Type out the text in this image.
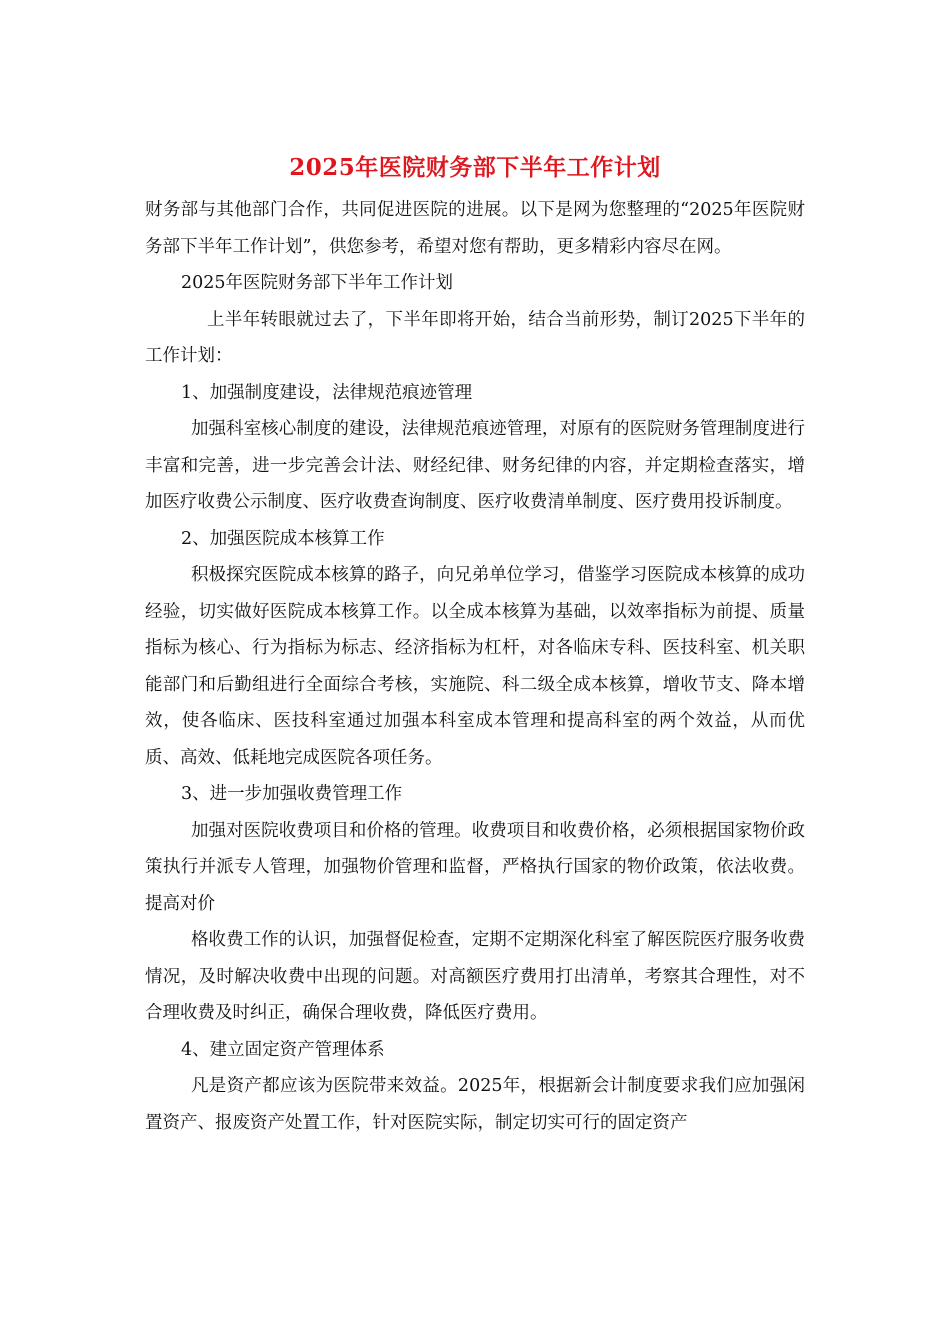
2025年医院财务部下半年工作计划

财务部与其他部门合作，共同促进医院的进展。以下是网为您整理的“2025年医院财务部下半年工作计划”，供您参考，希望对您有帮助，更多精彩内容尽在网。

2025年医院财务部下半年工作计划

上半年转眼就过去了，下半年即将开始，结合当前形势，制订2025下半年的工作计划：

1、加强制度建设，法律规范痕迹管理

加强科室核心制度的建设，法律规范痕迹管理，对原有的医院财务管理制度进行丰富和完善，进一步完善会计法、财经纪律、财务纪律的内容，并定期检查落实，增加医疗收费公示制度、医疗收费查询制度、医疗收费清单制度、医疗费用投诉制度。

2、加强医院成本核算工作

积极探究医院成本核算的路子，向兄弟单位学习，借鉴学习医院成本核算的成功经验，切实做好医院成本核算工作。以全成本核算为基础，以效率指标为前提、质量指标为核心、行为指标为标志、经济指标为杠杆，对各临床专科、医技科室、机关职能部门和后勤组进行全面综合考核，实施院、科二级全成本核算，增收节支、降本增效，使各临床、医技科室通过加强本科室成本管理和提高科室的两个效益，从而优质、高效、低耗地完成医院各项任务。

3、进一步加强收费管理工作

加强对医院收费项目和价格的管理。收费项目和收费价格，必须根据国家物价政策执行并派专人管理，加强物价管理和监督，严格执行国家的物价政策，依法收费。提高对价

格收费工作的认识，加强督促检查，定期不定期深化科室了解医院医疗服务收费情况，及时解决收费中出现的问题。对高额医疗费用打出清单，考察其合理性，对不合理收费及时纠正，确保合理收费，降低医疗费用。

4、建立固定资产管理体系

凡是资产都应该为医院带来效益。2025年，根据新会计制度要求我们应加强闲置资产、报废资产处置工作，针对医院实际，制定切实可行的固定资产
